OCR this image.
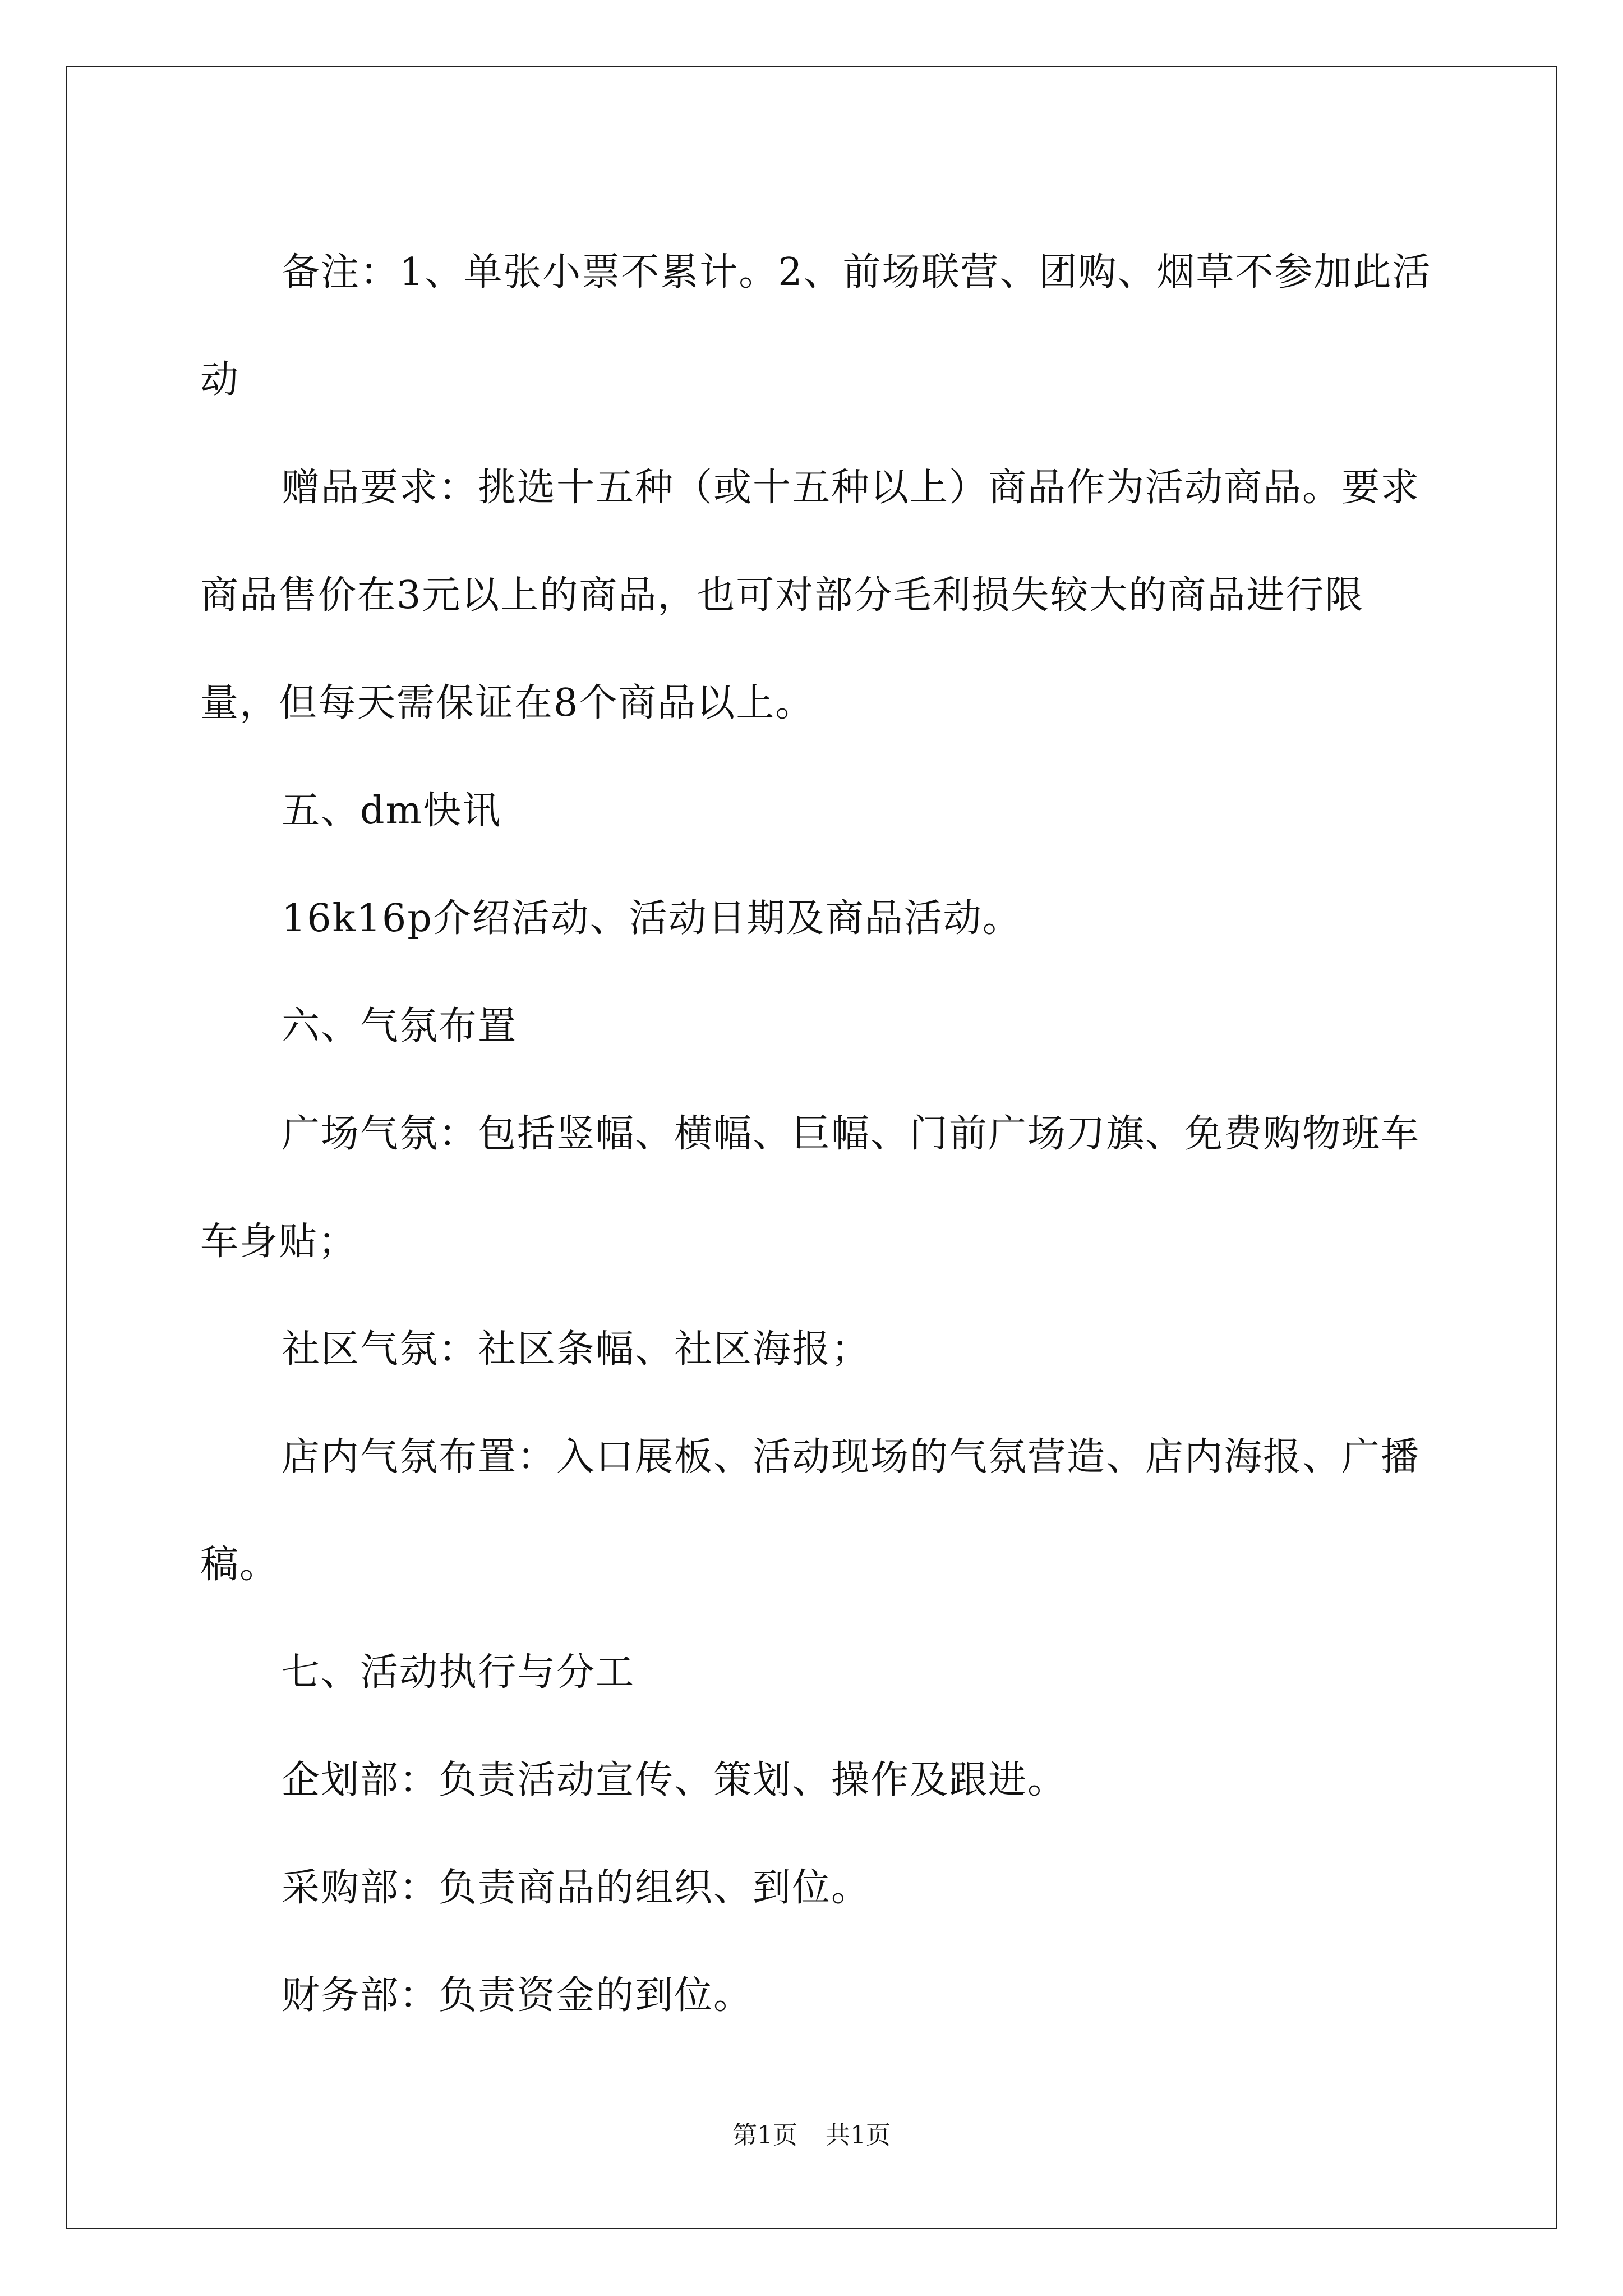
备注：1、单张小票不累计。2、前场联营、团购、烟草不参加此活动

赠品要求：挑选十五种（或十五种以上）商品作为活动商品。要求商品售价在3元以上的商品，也可对部分毛利损失较大的商品进行限量，但每天需保证在8个商品以上。

五、dm快讯

16k16p介绍活动、活动日期及商品活动。

六、气氛布置

广场气氛：包括竖幅、横幅、巨幅、门前广场刀旗、免费购物班车车身贴；

社区气氛：社区条幅、社区海报；

店内气氛布置：入口展板、活动现场的气氛营造、店内海报、广播稿。

七、活动执行与分工

企划部：负责活动宣传、策划、操作及跟进。

采购部：负责商品的组织、到位。

财务部：负责资金的到位。

第1页 共1页
